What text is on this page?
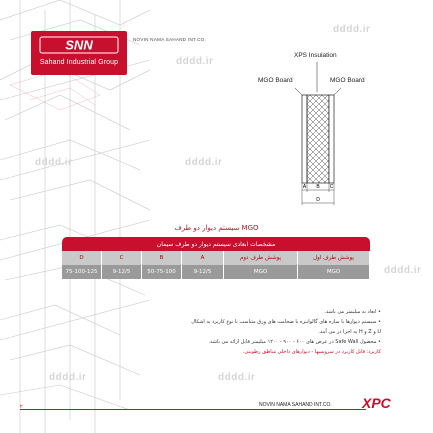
dddd.ir
dddd.ir
dddd.ir	dddd.ir
dddd.ir
dddd.ir	dddd.ir
SNN
Sahand Industrial Group
NOVIN NAMA SAHAND INT.CO.
A B C
D
XPS Insulation
MGO Board	MGO Board
سیستم دیوار دو طرف MGO
مشخصات ابعادی سیستم دیوار دو طرف سیمان
D	C	B	A	پوشش طرف دوم	پوشش طرف اول
75-100-125	9-12/5	50-75-100	9-12/5	MGO	MGO
• ابعاد به میلیمتر می باشد.
• سیستم دیوارها با سازه های گالوانیزه با ضخامت های ورق متناسب با نوع کاربرد به اشکال
U و Z و H به اجرا در می آیند.
• محصول Safe Wall در عرض های ۶۰۰ - ۹۰۰ - ۱۲۰۰ میلیمتر قابل ارائه می باشد.
کاربرد: قابل کاربرد در سرویسها - دیوارهای داخلی مناطق رطوبتی.
۲	NOVIN NAMA SAHAND INT.CO. XPC
